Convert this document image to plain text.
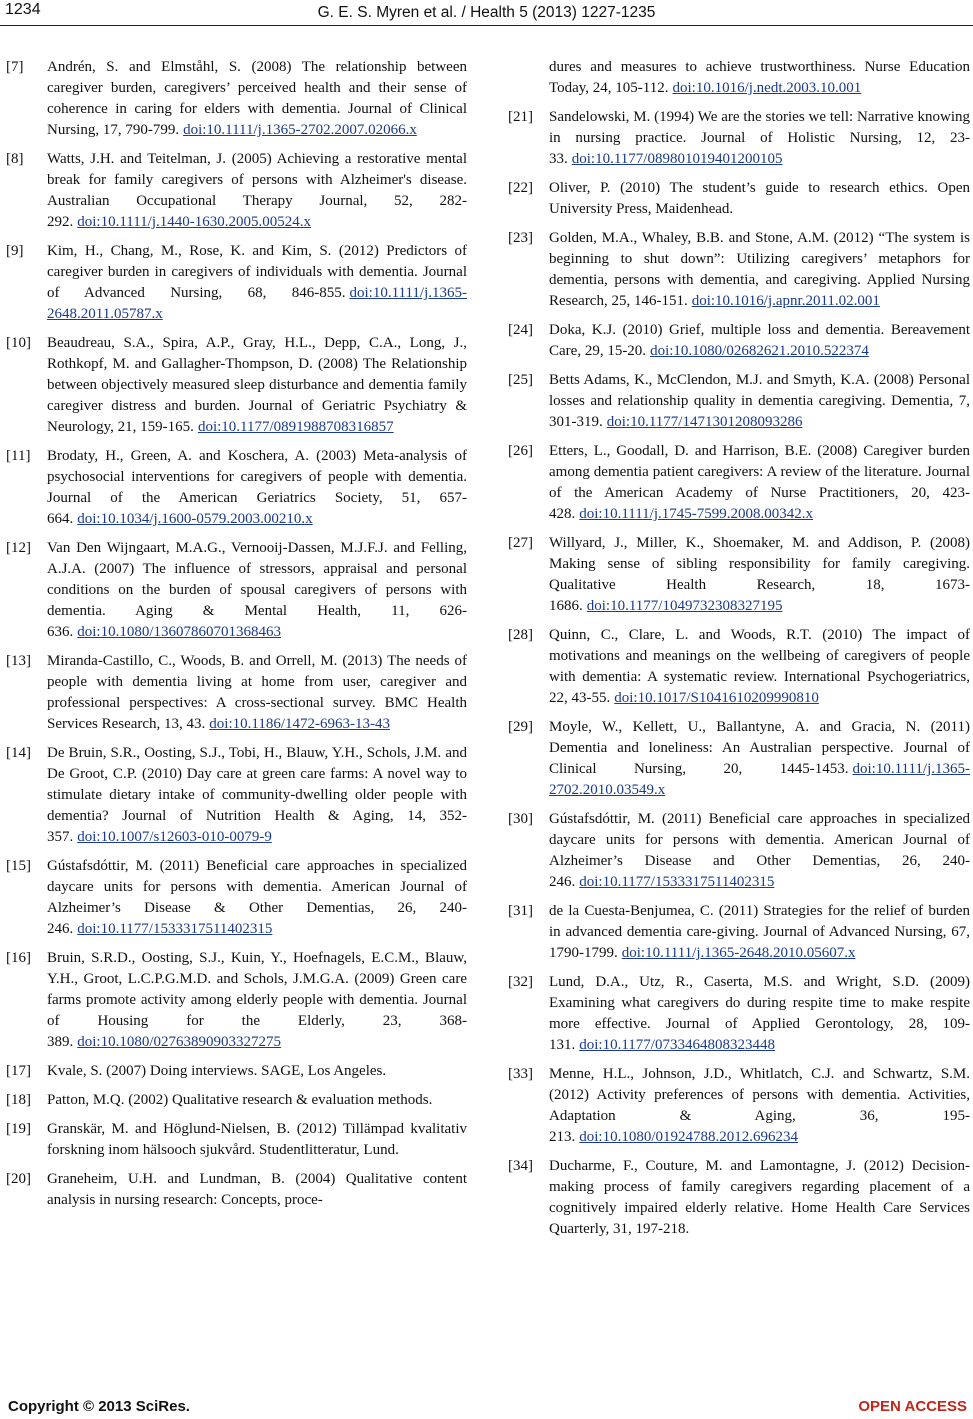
1234	G. E. S. Myren et al. / Health 5 (2013) 1227-1235
[7] Andrén, S. and Elmståhl, S. (2008) The relationship between caregiver burden, caregivers’ perceived health and their sense of coherence in caring for elders with dementia. Journal of Clinical Nursing, 17, 790-799. doi:10.1111/j.1365-2702.2007.02066.x
[8] Watts, J.H. and Teitelman, J. (2005) Achieving a restorative mental break for family caregivers of persons with Alzheimer's disease. Australian Occupational Therapy Journal, 52, 282-292. doi:10.1111/j.1440-1630.2005.00524.x
[9] Kim, H., Chang, M., Rose, K. and Kim, S. (2012) Predictors of caregiver burden in caregivers of individuals with dementia. Journal of Advanced Nursing, 68, 846-855. doi:10.1111/j.1365-2648.2011.05787.x
[10] Beaudreau, S.A., Spira, A.P., Gray, H.L., Depp, C.A., Long, J., Rothkopf, M. and Gallagher-Thompson, D. (2008) The Relationship between objectively measured sleep disturbance and dementia family caregiver distress and burden. Journal of Geriatric Psychiatry & Neurology, 21, 159-165. doi:10.1177/0891988708316857
[11] Brodaty, H., Green, A. and Koschera, A. (2003) Meta-analysis of psychosocial interventions for caregivers of people with dementia. Journal of the American Geriatrics Society, 51, 657-664. doi:10.1034/j.1600-0579.2003.00210.x
[12] Van Den Wijngaart, M.A.G., Vernooij-Dassen, M.J.F.J. and Felling, A.J.A. (2007) The influence of stressors, appraisal and personal conditions on the burden of spousal caregivers of persons with dementia. Aging & Mental Health, 11, 626-636. doi:10.1080/13607860701368463
[13] Miranda-Castillo, C., Woods, B. and Orrell, M. (2013) The needs of people with dementia living at home from user, caregiver and professional perspectives: A cross-sectional survey. BMC Health Services Research, 13, 43. doi:10.1186/1472-6963-13-43
[14] De Bruin, S.R., Oosting, S.J., Tobi, H., Blauw, Y.H., Schols, J.M. and De Groot, C.P. (2010) Day care at green care farms: A novel way to stimulate dietary intake of community-dwelling older people with dementia? Journal of Nutrition Health & Aging, 14, 352-357. doi:10.1007/s12603-010-0079-9
[15] Gústafsdóttir, M. (2011) Beneficial care approaches in specialized daycare units for persons with dementia. American Journal of Alzheimer’s Disease & Other Dementias, 26, 240-246. doi:10.1177/1533317511402315
[16] Bruin, S.R.D., Oosting, S.J., Kuin, Y., Hoefnagels, E.C.M., Blauw, Y.H., Groot, L.C.P.G.M.D. and Schols, J.M.G.A. (2009) Green care farms promote activity among elderly people with dementia. Journal of Housing for the Elderly, 23, 368-389. doi:10.1080/02763890903327275
[17] Kvale, S. (2007) Doing interviews. SAGE, Los Angeles.
[18] Patton, M.Q. (2002) Qualitative research & evaluation methods.
[19] Granskär, M. and Höglund-Nielsen, B. (2012) Tillämpad kvalitativ forskning inom hälsooch sjukvård. Studentlitteratur, Lund.
[20] Graneheim, U.H. and Lundman, B. (2004) Qualitative content analysis in nursing research: Concepts, proce-
dures and measures to achieve trustworthiness. Nurse Education Today, 24, 105-112. doi:10.1016/j.nedt.2003.10.001
[21] Sandelowski, M. (1994) We are the stories we tell: Narrative knowing in nursing practice. Journal of Holistic Nursing, 12, 23-33. doi:10.1177/089801019401200105
[22] Oliver, P. (2010) The student’s guide to research ethics. Open University Press, Maidenhead.
[23] Golden, M.A., Whaley, B.B. and Stone, A.M. (2012) “The system is beginning to shut down”: Utilizing caregivers’ metaphors for dementia, persons with dementia, and caregiving. Applied Nursing Research, 25, 146-151. doi:10.1016/j.apnr.2011.02.001
[24] Doka, K.J. (2010) Grief, multiple loss and dementia. Bereavement Care, 29, 15-20. doi:10.1080/02682621.2010.522374
[25] Betts Adams, K., McClendon, M.J. and Smyth, K.A. (2008) Personal losses and relationship quality in dementia caregiving. Dementia, 7, 301-319. doi:10.1177/1471301208093286
[26] Etters, L., Goodall, D. and Harrison, B.E. (2008) Caregiver burden among dementia patient caregivers: A review of the literature. Journal of the American Academy of Nurse Practitioners, 20, 423-428. doi:10.1111/j.1745-7599.2008.00342.x
[27] Willyard, J., Miller, K., Shoemaker, M. and Addison, P. (2008) Making sense of sibling responsibility for family caregiving. Qualitative Health Research, 18, 1673-1686. doi:10.1177/1049732308327195
[28] Quinn, C., Clare, L. and Woods, R.T. (2010) The impact of motivations and meanings on the wellbeing of caregivers of people with dementia: A systematic review. International Psychogeriatrics, 22, 43-55. doi:10.1017/S1041610209990810
[29] Moyle, W., Kellett, U., Ballantyne, A. and Gracia, N. (2011) Dementia and loneliness: An Australian perspective. Journal of Clinical Nursing, 20, 1445-1453. doi:10.1111/j.1365-2702.2010.03549.x
[30] Gústafsdóttir, M. (2011) Beneficial care approaches in specialized daycare units for persons with dementia. American Journal of Alzheimer’s Disease and Other Dementias, 26, 240-246. doi:10.1177/1533317511402315
[31] de la Cuesta-Benjumea, C. (2011) Strategies for the relief of burden in advanced dementia care-giving. Journal of Advanced Nursing, 67, 1790-1799. doi:10.1111/j.1365-2648.2010.05607.x
[32] Lund, D.A., Utz, R., Caserta, M.S. and Wright, S.D. (2009) Examining what caregivers do during respite time to make respite more effective. Journal of Applied Gerontology, 28, 109-131. doi:10.1177/0733464808323448
[33] Menne, H.L., Johnson, J.D., Whitlatch, C.J. and Schwartz, S.M. (2012) Activity preferences of persons with dementia. Activities, Adaptation & Aging, 36, 195-213. doi:10.1080/01924788.2012.696234
[34] Ducharme, F., Couture, M. and Lamontagne, J. (2012) Decision-making process of family caregivers regarding placement of a cognitively impaired elderly relative. Home Health Care Services Quarterly, 31, 197-218.
Copyright © 2013 SciRes.	OPEN ACCESS
